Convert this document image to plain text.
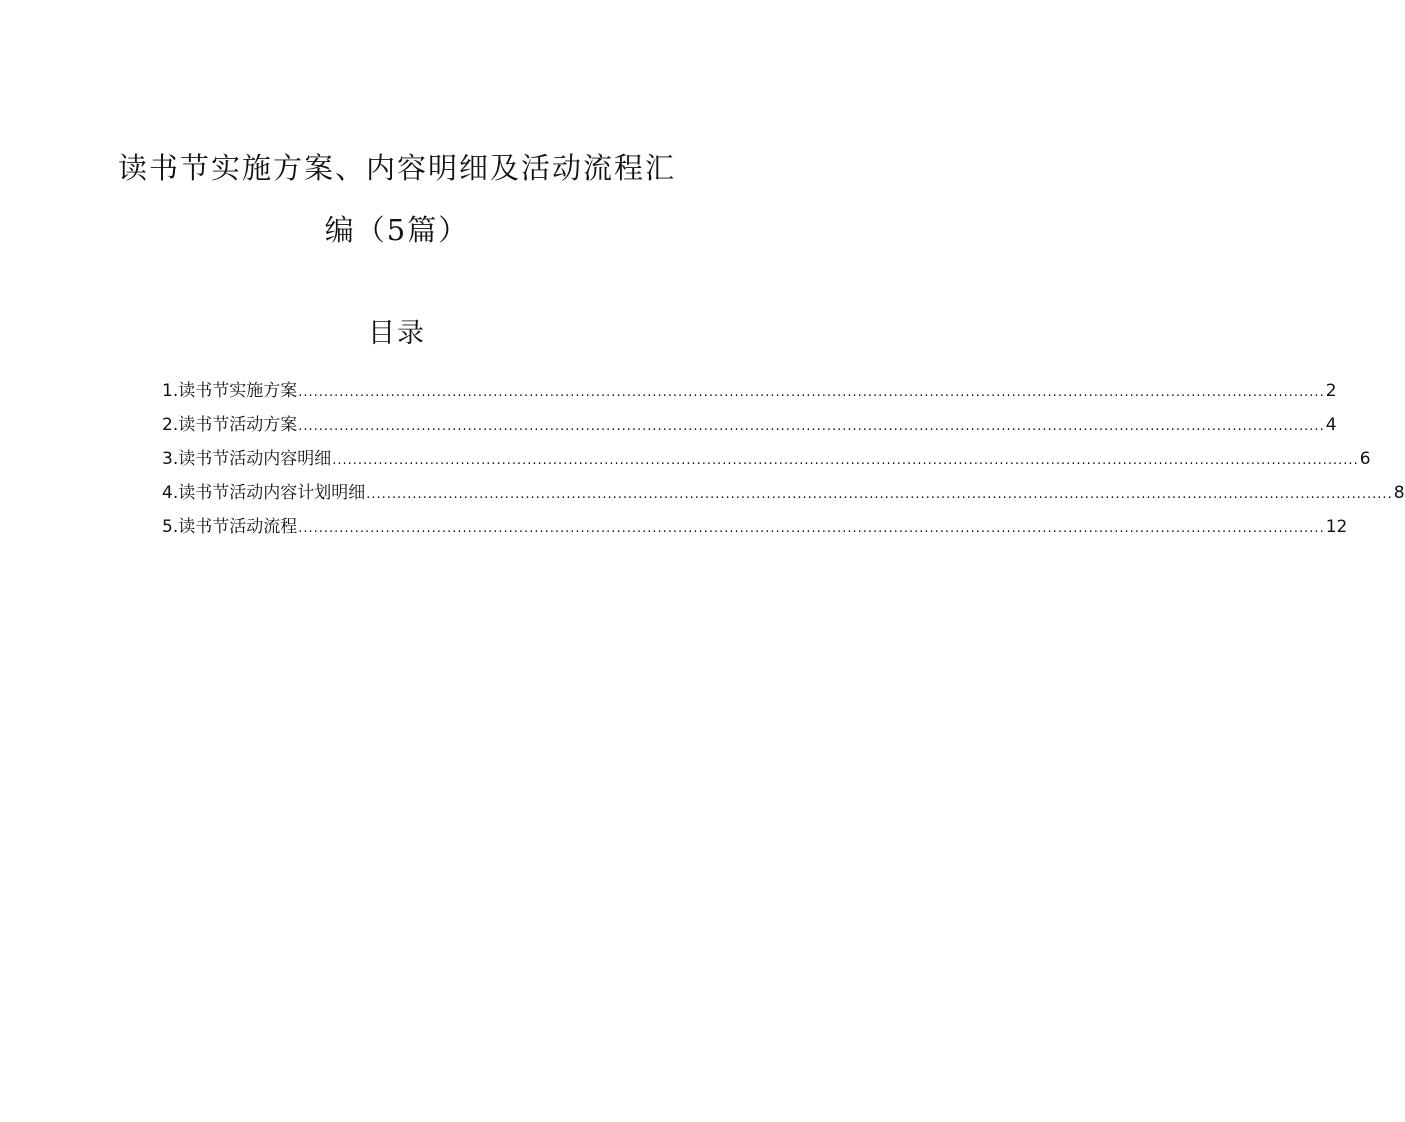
读书节实施方案、内容明细及活动流程汇
编（5篇）
目录
1. 读书节实施方案 ........................................................................................................................................................................................................ 2
2. 读书节活动方案 ........................................................................................................................................................................................................ 4
3. 读书节活动内容明细 ........................................................................................................................................................................................................ 6
4. 读书节活动内容计划明细 ........................................................................................................................................................................................................ 8
5. 读书节活动流程 ........................................................................................................................................................................................................ 12
